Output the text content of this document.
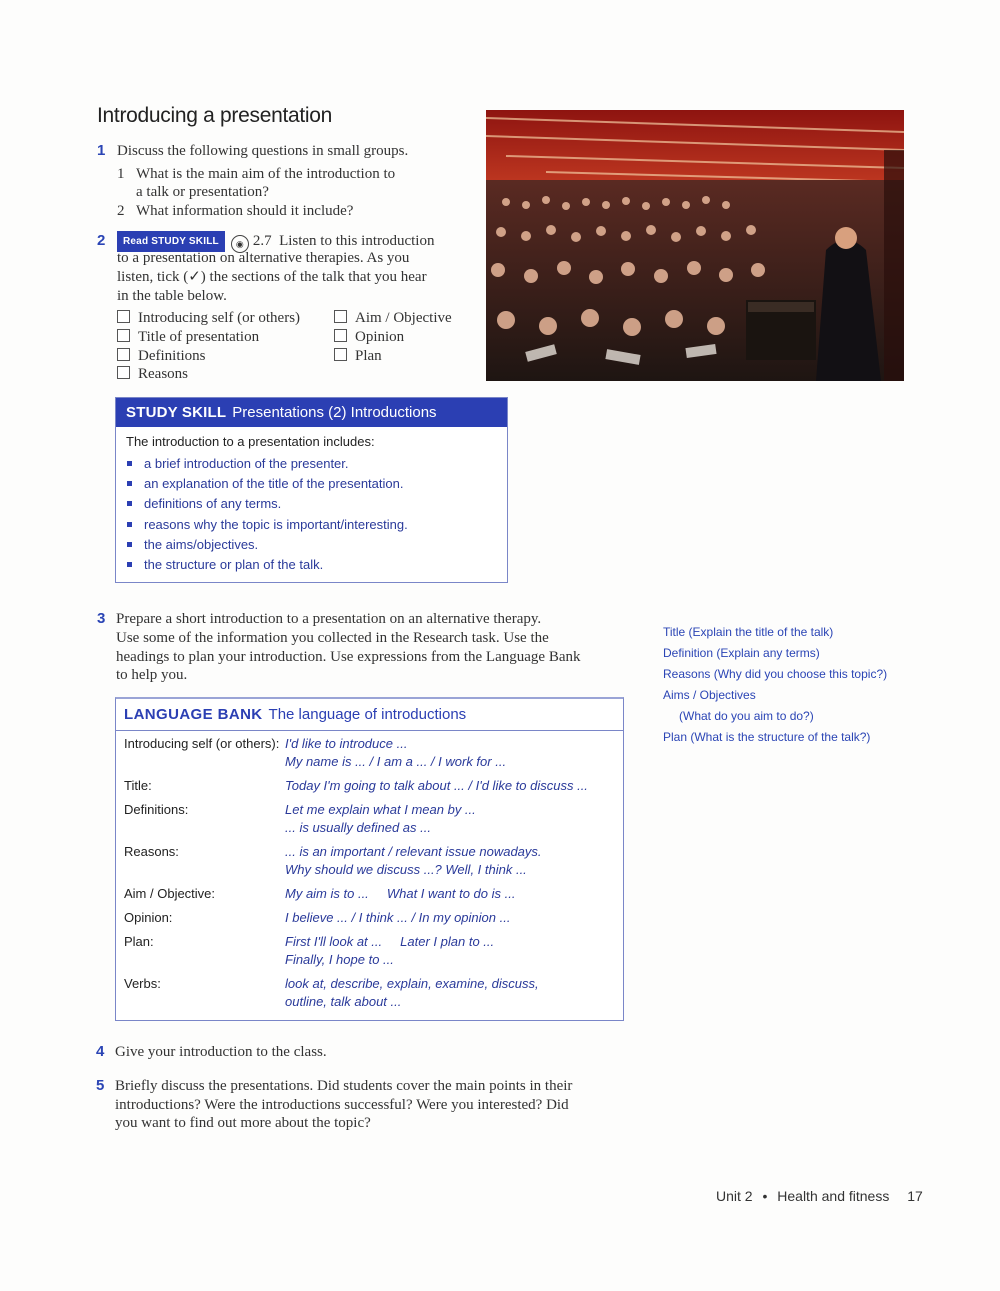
Introducing a presentation
1 Discuss the following questions in small groups.
1 What is the main aim of the introduction to
a talk or presentation?
2 What information should it include?
2	Read STUDY SKILL ◉ 2.7 Listen to this introduction
to a presentation on alternative therapies. As you
listen, tick (✓) the sections of the talk that you hear
in the table below.
Introducing self (or others)
Title of presentation
Definitions
Reasons
Aim / Objective
Opinion
Plan
STUDY SKILL Presentations (2) Introductions
The introduction to a presentation includes:
a brief introduction of the presenter.
an explanation of the title of the presentation.
definitions of any terms.
reasons why the topic is important/interesting.
the aims/objectives.
the structure or plan of the talk.
3 Prepare a short introduction to a presentation on an alternative therapy.
Use some of the information you collected in the Research task. Use the
headings to plan your introduction. Use expressions from the Language Bank
to help you.
Title (Explain the title of the talk)
Definition (Explain any terms)
Reasons (Why did you choose this topic?)
Aims / Objectives
(What do you aim to do?)
Plan (What is the structure of the talk?)
LANGUAGE BANK The language of introductions
Introducing self (or others): I'd like to introduce ...
My name is ... / I am a ... / I work for ...
Title:	Today I'm going to talk about ... / I'd like to discuss ...
Definitions:	Let me explain what I mean by ...
... is usually defined as ...
Reasons:	... is an important / relevant issue nowadays.
Why should we discuss ...? Well, I think ...
Aim / Objective:	My aim is to ...     What I want to do is ...
Opinion:	I believe ... / I think ... / In my opinion ...
Plan:	First I'll look at ...     Later I plan to ...
Finally, I hope to ...
Verbs:	look at, describe, explain, examine, discuss,
outline, talk about ...
4 Give your introduction to the class.
5 Briefly discuss the presentations. Did students cover the main points in their
introductions? Were the introductions successful? Were you interested? Did
you want to find out more about the topic?
Unit 2 • Health and fitness 17
